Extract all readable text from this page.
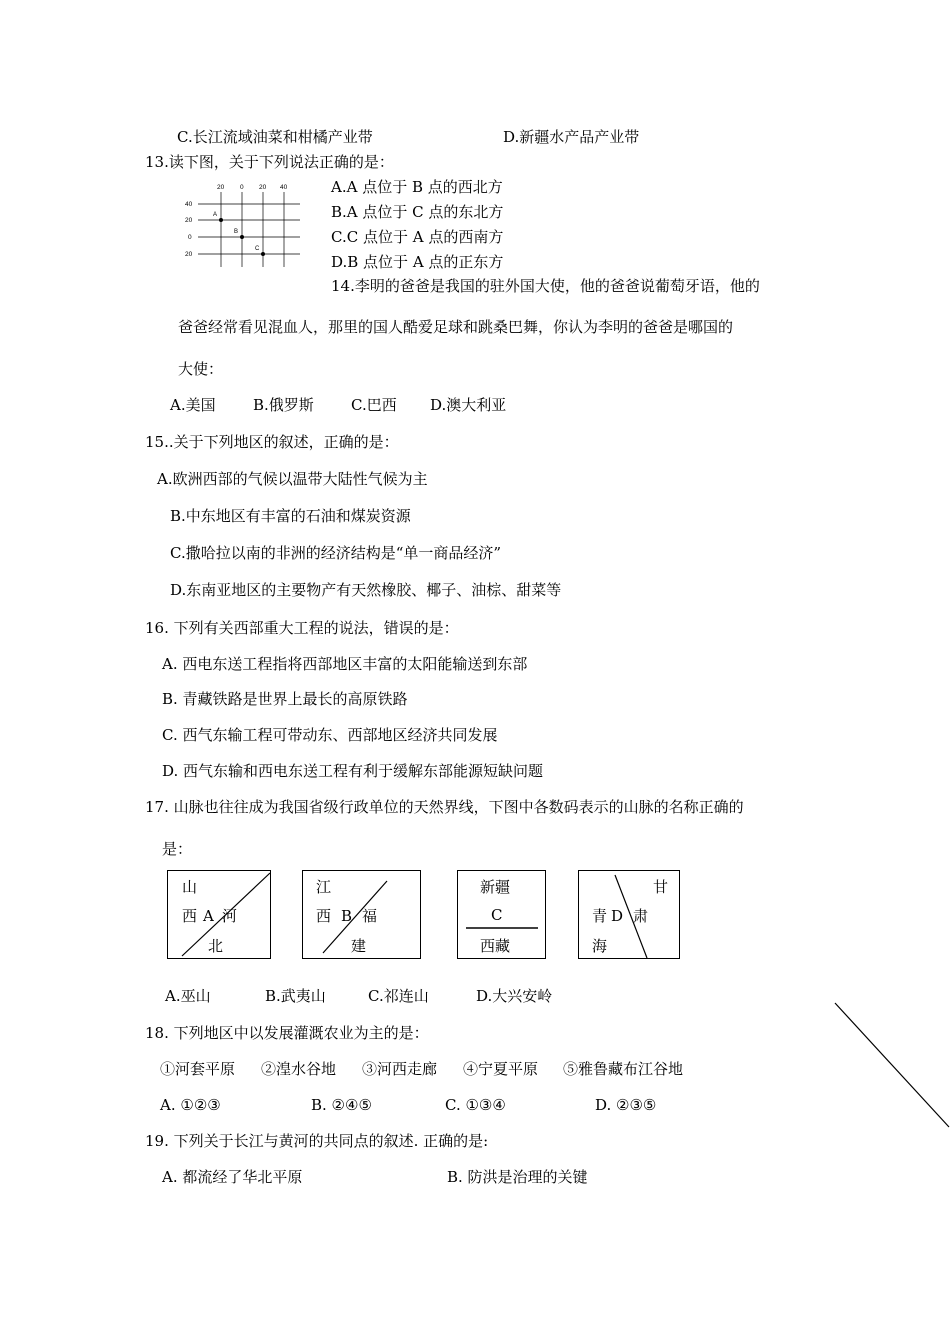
C.长江流域油菜和柑橘产业带	D.新疆水产品产业带
13.读下图，关于下列说法正确的是：
20 0 20 40
40
20
0
20
A
B
C
A.A 点位于 B 点的西北方
B.A 点位于 C 点的东北方
C.C 点位于 A 点的西南方
D.B 点位于 A 点的正东方
14.李明的爸爸是我国的驻外国大使，他的爸爸说葡萄牙语，他的
爸爸经常看见混血人，那里的国人酷爱足球和跳桑巴舞，你认为李明的爸爸是哪国的
大使：
A.美国 B.俄罗斯 C.巴西 D.澳大利亚
15..关于下列地区的叙述，正确的是：
A.欧洲西部的气候以温带大陆性气候为主
B.中东地区有丰富的石油和煤炭资源
C.撒哈拉以南的非洲的经济结构是“单一商品经济”
D.东南亚地区的主要物产有天然橡胶、椰子、油棕、甜菜等
16. 下列有关西部重大工程的说法，错误的是：
A. 西电东送工程指将西部地区丰富的太阳能输送到东部
B. 青藏铁路是世界上最长的高原铁路
C. 西气东输工程可带动东、西部地区经济共同发展
D. 西气东输和西电东送工程有利于缓解东部能源短缺问题
17. 山脉也往往成为我国省级行政单位的天然界线，下图中各数码表示的山脉的名称正确的
是：
山
西 A 河
北
江
西 B 福
建
新疆
C
西藏
甘
青 D 肃
海
A.巫山	B.武夷山	C.祁连山	D.大兴安岭
18. 下列地区中以发展灌溉农业为主的是：
①河套平原 ②湟水谷地 ③河西走廊 ④宁夏平原 ⑤雅鲁藏布江谷地
A. ①②③	B. ②④⑤	C. ①③④	D. ②③⑤
19. 下列关于长江与黄河的共同点的叙述. 正确的是:
A. 都流经了华北平原	B. 防洪是治理的关键
